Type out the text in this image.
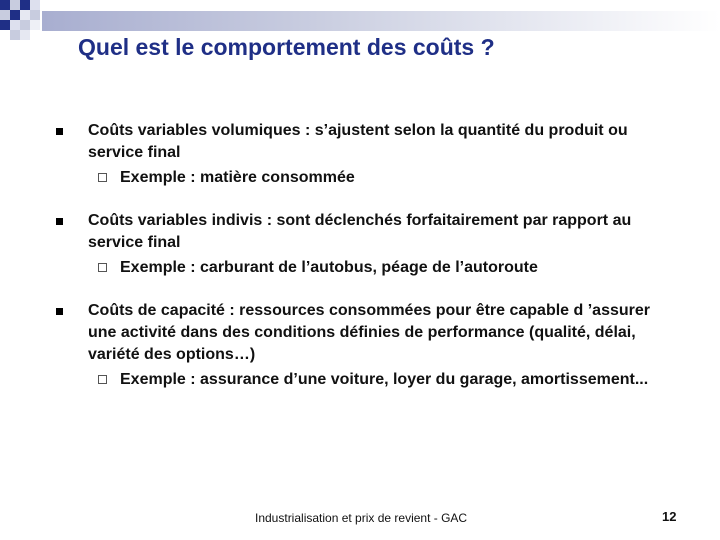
Quel est le comportement des coûts ?
Coûts variables volumiques : s’ajustent selon la quantité du produit ou service final
Exemple : matière consommée
Coûts variables indivis : sont déclenchés forfaitairement par rapport au service final
Exemple : carburant de l’autobus, péage de l’autoroute
Coûts de capacité : ressources consommées pour être capable d ’assurer une activité dans des conditions définies de performance (qualité, délai, variété des options…)
Exemple : assurance d’une voiture, loyer du garage, amortissement...
Industrialisation et prix de revient - GAC	12
